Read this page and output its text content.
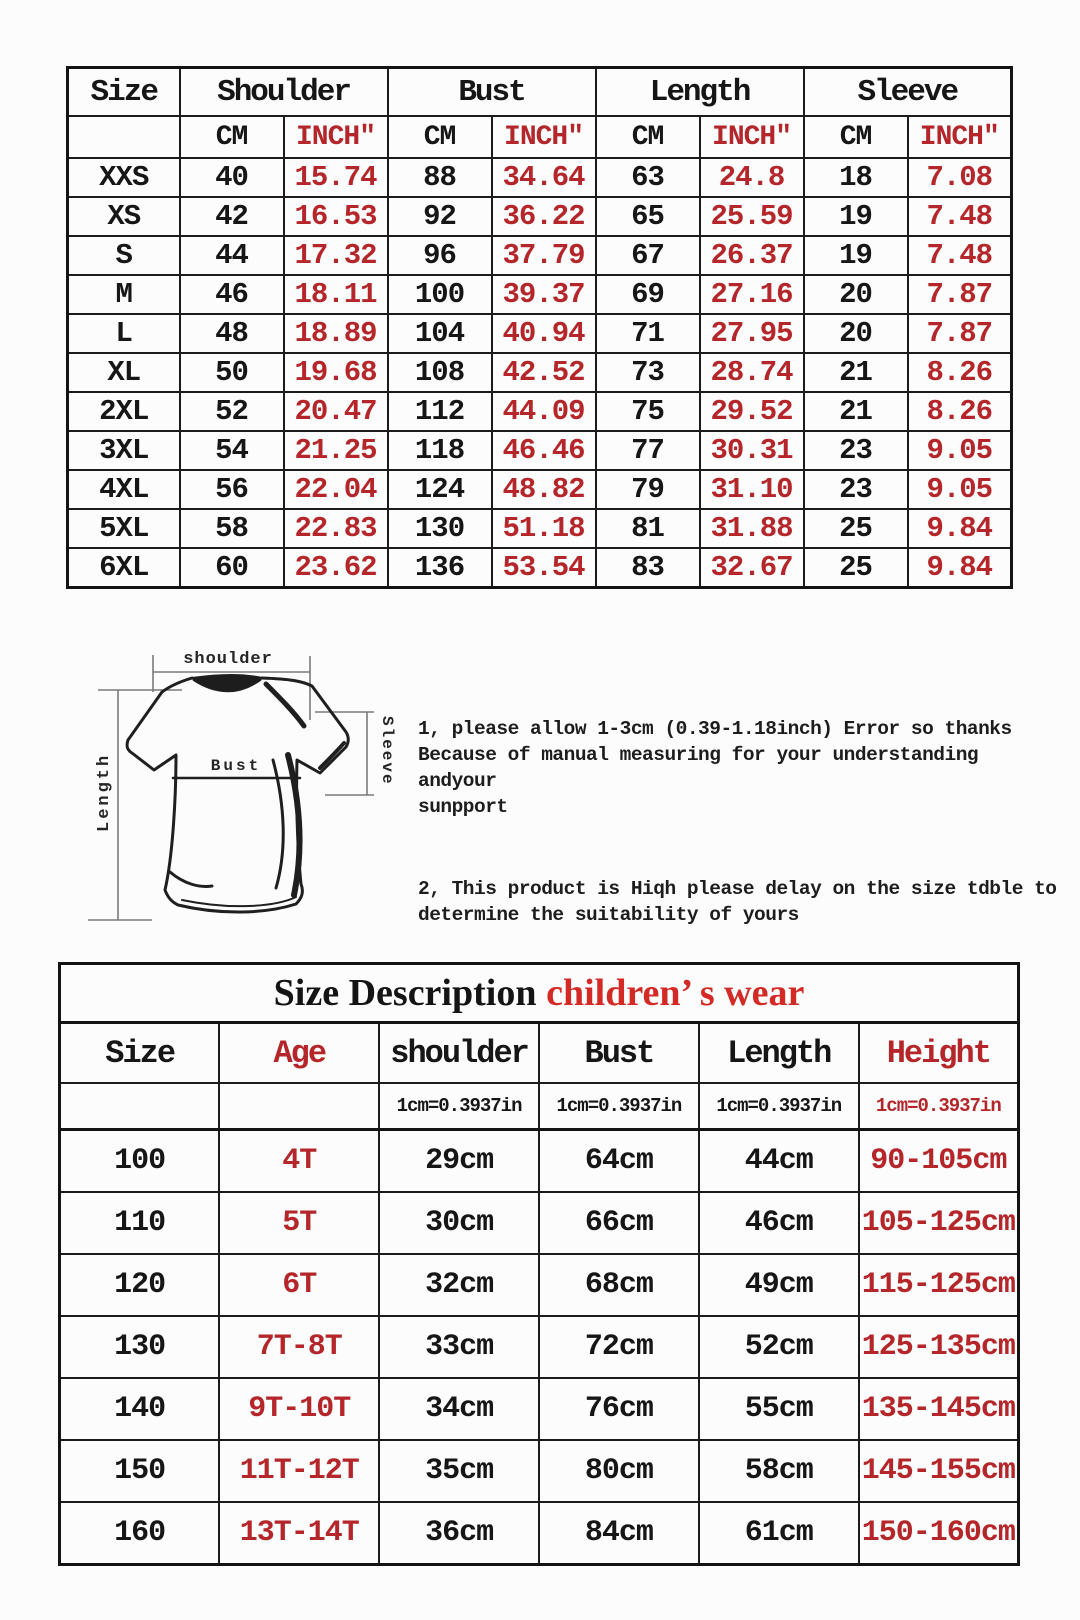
Size	Shoulder		Bust		Length		Sleeve	
	CM	INCH″	CM	INCH″	CM	INCH″	CM	INCH″
XXS	40	15.74	88	34.64	63	24.8	18	7.08
XS	42	16.53	92	36.22	65	25.59	19	7.48
S	44	17.32	96	37.79	67	26.37	19	7.48
M	46	18.11	100	39.37	69	27.16	20	7.87
L	48	18.89	104	40.94	71	27.95	20	7.87
XL	50	19.68	108	42.52	73	28.74	21	8.26
2XL	52	20.47	112	44.09	75	29.52	21	8.26
3XL	54	21.25	118	46.46	77	30.31	23	9.05
4XL	56	22.04	124	48.82	79	31.10	23	9.05
5XL	58	22.83	130	51.18	81	31.88	25	9.84
6XL	60	23.62	136	53.54	83	32.67	25	9.84
shoulder
Bust
Length
Sleeve 1, please allow 1-3cm (0.39-1.18inch) Error so thanks
Because of manual measuring for your understanding andyour
sunpport
2, This product is Hiqh please delay on the size tdble to
determine the suitability of yours
Size Description children’ s wear					
Size	Age	shoulder	Bust	Length	Height
		1cm=0.3937in	1cm=0.3937in	1cm=0.3937in	1cm=0.3937in
100	4T	29cm	64cm	44cm	90-105cm
110	5T	30cm	66cm	46cm	105-125cm
120	6T	32cm	68cm	49cm	115-125cm
130	7T-8T	33cm	72cm	52cm	125-135cm
140	9T-10T	34cm	76cm	55cm	135-145cm
150	11T-12T	35cm	80cm	58cm	145-155cm
160	13T-14T	36cm	84cm	61cm	150-160cm
